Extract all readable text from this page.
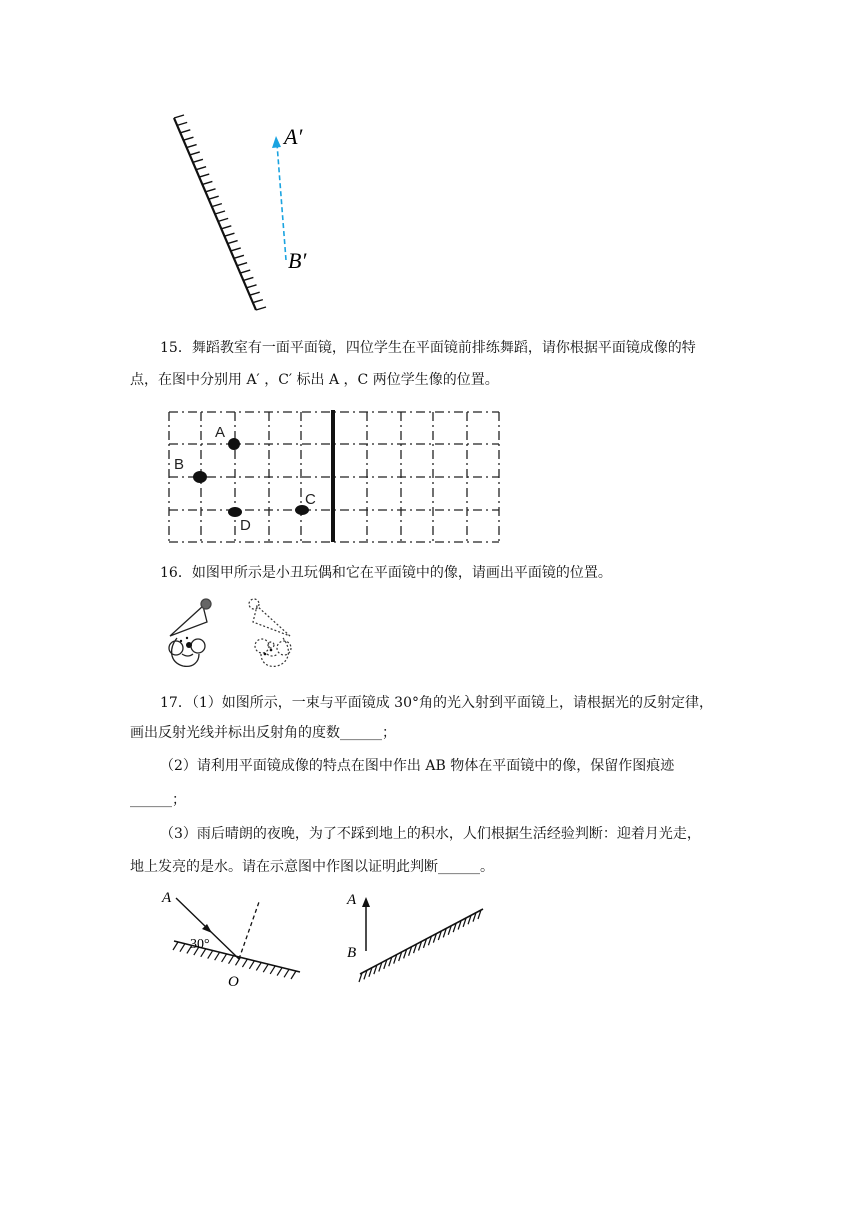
A′
B′
15．舞蹈教室有一面平面镜，四位学生在平面镜前排练舞蹈，请你根据平面镜成像的特
点，在图中分别用 A′ ，C′ 标出 A ，C 两位学生像的位置。
A
B
C
D
16．如图甲所示是小丑玩偶和它在平面镜中的像，请画出平面镜的位置。
17．（1）如图所示，一束与平面镜成 30°角的光入射到平面镜上，请根据光的反射定律，
画出反射光线并标出反射角的度数______；
（2）请利用平面镜成像的特点在图中作出 AB 物体在平面镜中的像，保留作图痕迹
______；
（3）雨后晴朗的夜晚，为了不踩到地上的积水，人们根据生活经验判断：迎着月光走，
地上发亮的是水。请在示意图中作图以证明此判断______。
A
30°
O
A
B
